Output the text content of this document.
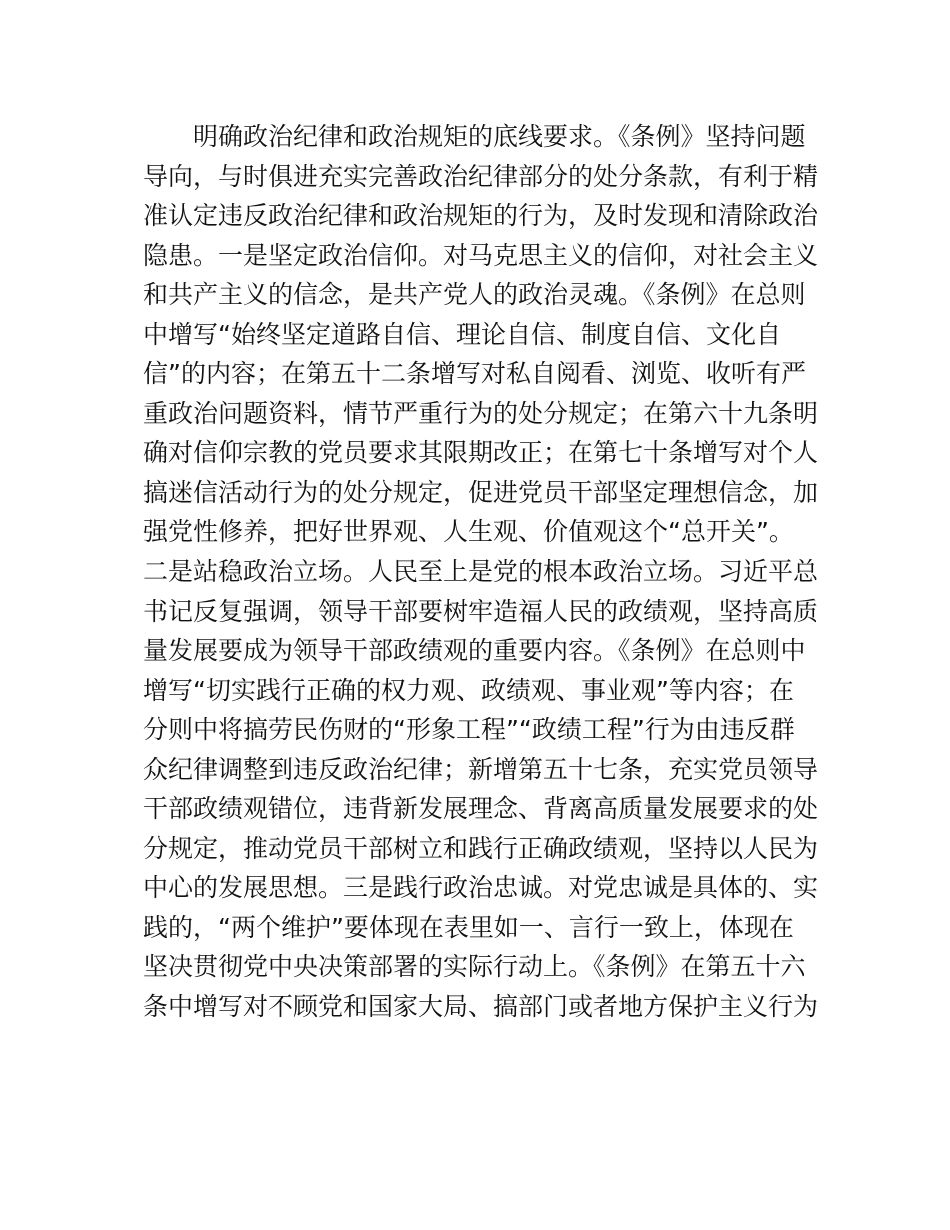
明确政治纪律和政治规矩的底线要求。《条例》坚持问题
导向，与时俱进充实完善政治纪律部分的处分条款，有利于精
准认定违反政治纪律和政治规矩的行为，及时发现和清除政治
隐患。一是坚定政治信仰。对马克思主义的信仰，对社会主义
和共产主义的信念，是共产党人的政治灵魂。《条例》在总则
中增写“始终坚定道路自信、理论自信、制度自信、文化自
信”的内容；在第五十二条增写对私自阅看、浏览、收听有严
重政治问题资料，情节严重行为的处分规定；在第六十九条明
确对信仰宗教的党员要求其限期改正；在第七十条增写对个人
搞迷信活动行为的处分规定，促进党员干部坚定理想信念，加
强党性修养，把好世界观、人生观、价值观这个“总开关”。
二是站稳政治立场。人民至上是党的根本政治立场。习近平总
书记反复强调，领导干部要树牢造福人民的政绩观，坚持高质
量发展要成为领导干部政绩观的重要内容。《条例》在总则中
增写“切实践行正确的权力观、政绩观、事业观”等内容；在
分则中将搞劳民伤财的“形象工程”“政绩工程”行为由违反群
众纪律调整到违反政治纪律；新增第五十七条，充实党员领导
干部政绩观错位，违背新发展理念、背离高质量发展要求的处
分规定，推动党员干部树立和践行正确政绩观，坚持以人民为
中心的发展思想。三是践行政治忠诚。对党忠诚是具体的、实
践的，“两个维护”要体现在表里如一、言行一致上，体现在
坚决贯彻党中央决策部署的实际行动上。《条例》在第五十六
条中增写对不顾党和国家大局、搞部门或者地方保护主义行为
